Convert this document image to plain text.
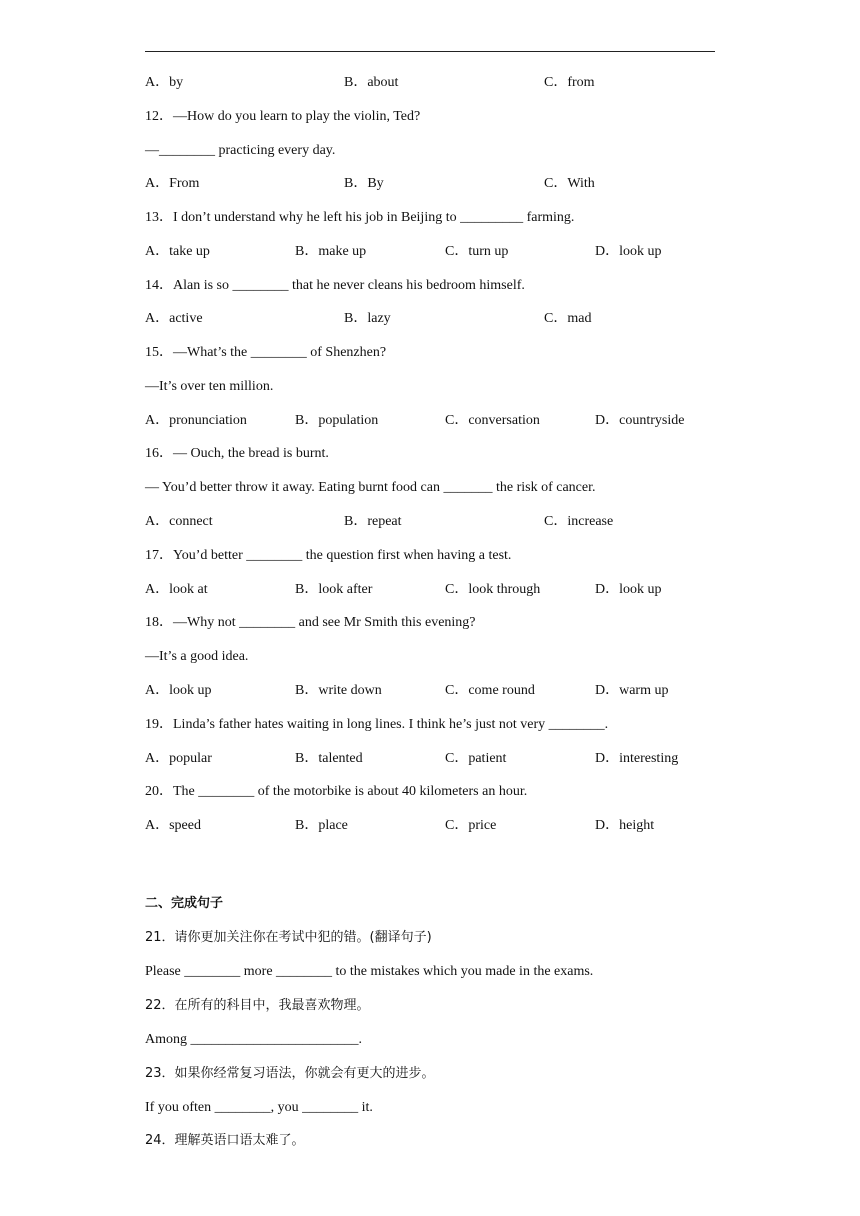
A．by	B．about	C．from
12．—How do you learn to play the violin, Ted?
—________ practicing every day.
A．From	B．By	C．With
13．I don’t understand why he left his job in Beijing to _________ farming.
A．take up	B．make up	C．turn up	D．look up
14．Alan is so ________ that he never cleans his bedroom himself.
A．active	B．lazy	C．mad
15．—What’s the ________ of Shenzhen?
—It’s over ten million.
A．pronunciation	B．population	C．conversation	D．countryside
16．— Ouch, the bread is burnt.
— You’d better throw it away. Eating burnt food can _______ the risk of cancer.
A．connect	B．repeat	C．increase
17．You’d better ________ the question first when having a test.
A．look at	B．look after	C．look through	D．look up
18．—Why not ________ and see Mr Smith this evening?
—It’s a good idea.
A．look up	B．write down	C．come round	D．warm up
19．Linda’s father hates waiting in long lines. I think he’s just not very ________.
A．popular	B．talented	C．patient	D．interesting
20．The ________ of the motorbike is about 40 kilometers an hour.
A．speed	B．place	C．price	D．height
二、完成句子
21．请你更加关注你在考试中犯的错。(翻译句子)
Please ________ more ________ to the mistakes which you made in the exams.
22．在所有的科目中，我最喜欢物理。
Among ________________________.
23．如果你经常复习语法，你就会有更大的进步。
If you often ________, you ________ it.
24．理解英语口语太难了。
